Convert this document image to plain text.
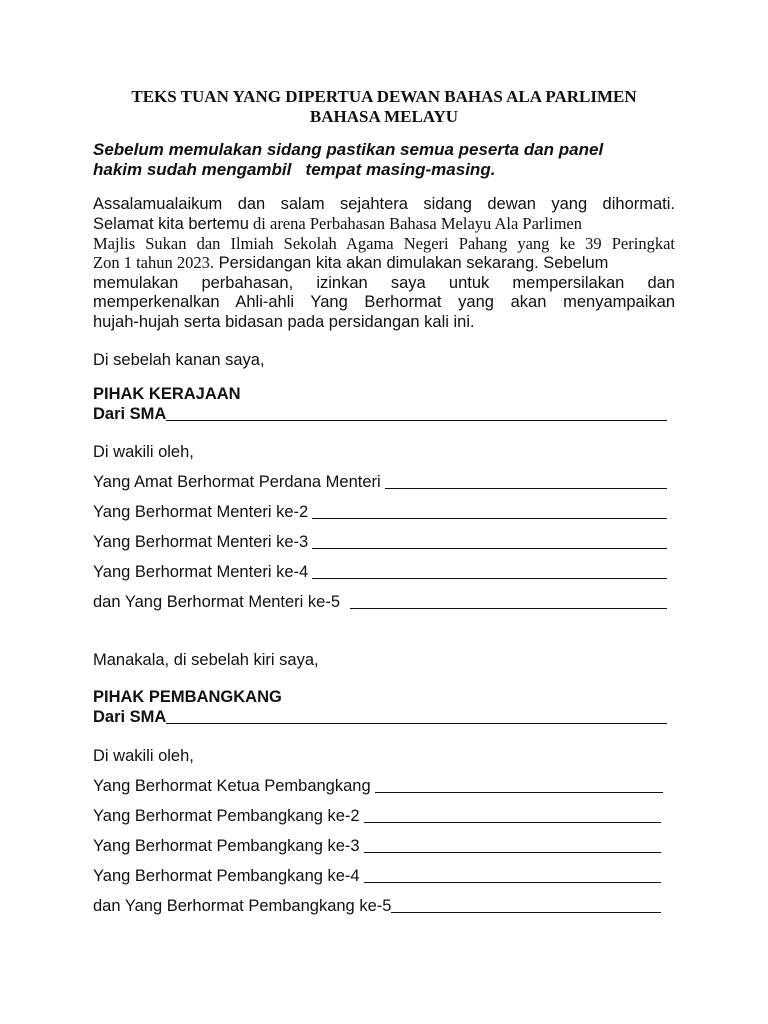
TEKS TUAN YANG DIPERTUA DEWAN BAHAS ALA PARLIMEN
BAHASA MELAYU
Sebelum memulakan sidang pastikan semua peserta dan panel
hakim sudah mengambil   tempat masing-masing.
Assalamualaikum dan salam sejahtera sidang dewan yang dihormati.
Selamat kita bertemu di arena Perbahasan Bahasa Melayu Ala Parlimen
Majlis Sukan dan Ilmiah Sekolah Agama Negeri Pahang yang ke 39 Peringkat
Zon 1 tahun 2023. Persidangan kita akan dimulakan sekarang. Sebelum
memulakan perbahasan, izinkan saya untuk mempersilakan dan
memperkenalkan Ahli-ahli Yang Berhormat yang akan menyampaikan
hujah-hujah serta bidasan pada persidangan kali ini.
Di sebelah kanan saya,
PIHAK KERAJAAN
Dari SMA
Di wakili oleh,
Yang Amat Berhormat Perdana Menteri
Yang Berhormat Menteri ke-2
Yang Berhormat Menteri ke-3
Yang Berhormat Menteri ke-4
dan Yang Berhormat Menteri ke-5
Manakala, di sebelah kiri saya,
PIHAK PEMBANGKANG
Dari SMA
Di wakili oleh,
Yang Berhormat Ketua Pembangkang
Yang Berhormat Pembangkang ke-2
Yang Berhormat Pembangkang ke-3
Yang Berhormat Pembangkang ke-4
dan Yang Berhormat Pembangkang ke-5
